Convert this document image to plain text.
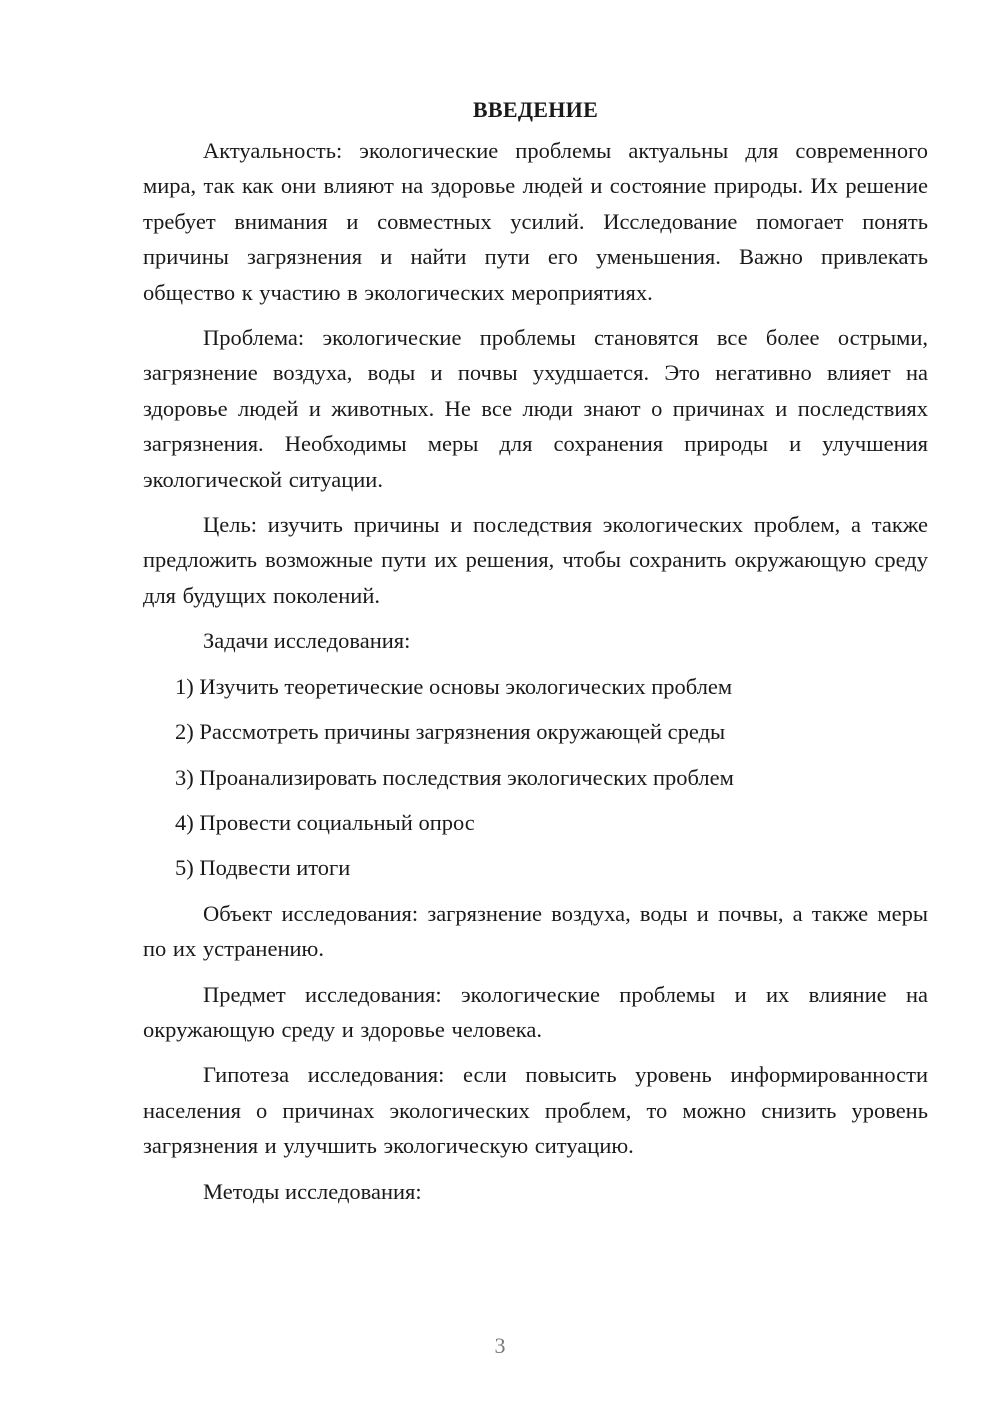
ВВЕДЕНИЕ

Актуальность: экологические проблемы актуальны для современного мира, так как они влияют на здоровье людей и состояние природы. Их решение требует внимания и совместных усилий. Исследование помогает понять причины загрязнения и найти пути его уменьшения. Важно привлекать общество к участию в экологических мероприятиях.

Проблема: экологические проблемы становятся все более острыми, загрязнение воздуха, воды и почвы ухудшается. Это негативно влияет на здоровье людей и животных. Не все люди знают о причинах и последствиях загрязнения. Необходимы меры для сохранения природы и улучшения экологической ситуации.

Цель: изучить причины и последствия экологических проблем, а также предложить возможные пути их решения, чтобы сохранить окружающую среду для будущих поколений.

Задачи исследования:

1) Изучить теоретические основы экологических проблем
2) Рассмотреть причины загрязнения окружающей среды
3) Проанализировать последствия экологических проблем
4) Провести социальный опрос
5) Подвести итоги

Объект исследования: загрязнение воздуха, воды и почвы, а также меры по их устранению.

Предмет исследования: экологические проблемы и их влияние на окружающую среду и здоровье человека.

Гипотеза исследования: если повысить уровень информированности населения о причинах экологических проблем, то можно снизить уровень загрязнения и улучшить экологическую ситуацию.

Методы исследования:

3
